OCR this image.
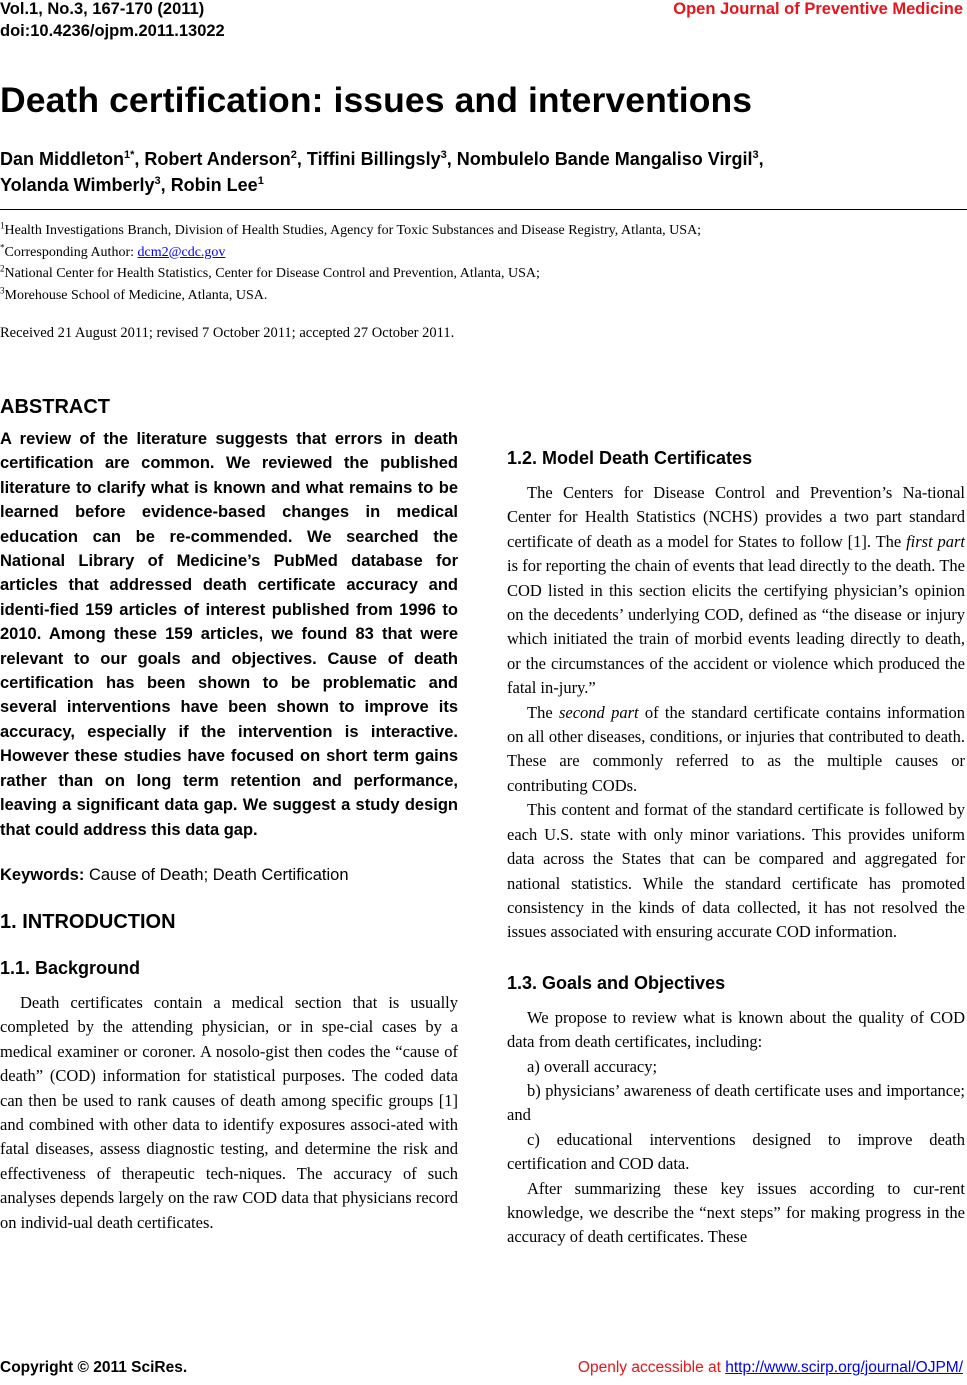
Vol.1, No.3, 167-170 (2011)
doi:10.4236/ojpm.2011.13022
Open Journal of Preventive Medicine
Death certification: issues and interventions
Dan Middleton$^{1*}$, Robert Anderson$^2$, Tiffini Billingsly$^3$, Nombulelo Bande Mangaliso Virgil$^3$,
Yolanda Wimberly$^3$, Robin Lee$^1$
$^1$Health Investigations Branch, Division of Health Studies, Agency for Toxic Substances and Disease Registry, Atlanta, USA;
*Corresponding Author: dcm2@cdc.gov
$^2$National Center for Health Statistics, Center for Disease Control and Prevention, Atlanta, USA;
$^3$Morehouse School of Medicine, Atlanta, USA.
Received 21 August 2011; revised 7 October 2011; accepted 27 October 2011.
ABSTRACT

A review of the literature suggests that errors in death certification are common. We reviewed the published literature to clarify what is known and what remains to be learned before evidence-based changes in medical education can be re-commended. We searched the National Library of Medicine’s PubMed database for articles that addressed death certificate accuracy and identi-fied 159 articles of interest published from 1996 to 2010. Among these 159 articles, we found 83 that were relevant to our goals and objectives. Cause of death certification has been shown to be problematic and several interventions have been shown to improve its accuracy, especially if the intervention is interactive. However these studies have focused on short term gains rather than on long term retention and performance, leaving a significant data gap. We suggest a study design that could address this data gap.

Keywords: Cause of Death; Death Certification

1. INTRODUCTION
1.1. Background

Death certificates contain a medical section that is usually completed by the attending physician, or in spe-cial cases by a medical examiner or coroner. A nosolo-gist then codes the “cause of death” (COD) information for statistical purposes. The coded data can then be used to rank causes of death among specific groups [1] and combined with other data to identify exposures associ-ated with fatal diseases, assess diagnostic testing, and determine the risk and effectiveness of therapeutic tech-niques. The accuracy of such analyses depends largely on the raw COD data that physicians record on individ-ual death certificates.

1.2. Model Death Certificates

The Centers for Disease Control and Prevention’s Na-tional Center for Health Statistics (NCHS) provides a two part standard certificate of death as a model for States to follow [1]. The first part is for reporting the chain of events that lead directly to the death. The COD listed in this section elicits the certifying physician’s opinion on the decedents’ underlying COD, defined as “the disease or injury which initiated the train of morbid events leading directly to death, or the circumstances of the accident or violence which produced the fatal in-jury.”

The second part of the standard certificate contains information on all other diseases, conditions, or injuries that contributed to death. These are commonly referred to as the multiple causes or contributing CODs.

This content and format of the standard certificate is followed by each U.S. state with only minor variations. This provides uniform data across the States that can be compared and aggregated for national statistics. While the standard certificate has promoted consistency in the kinds of data collected, it has not resolved the issues associated with ensuring accurate COD information.

1.3. Goals and Objectives

We propose to review what is known about the quality of COD data from death certificates, including:

a) overall accuracy;

b) physicians’ awareness of death certificate uses and importance; and

c) educational interventions designed to improve death certification and COD data.

After summarizing these key issues according to cur-rent knowledge, we describe the “next steps” for making progress in the accuracy of death certificates. These

Copyright © 2011 SciRes.	Openly accessible at http://www.scirp.org/journal/OJPM/
